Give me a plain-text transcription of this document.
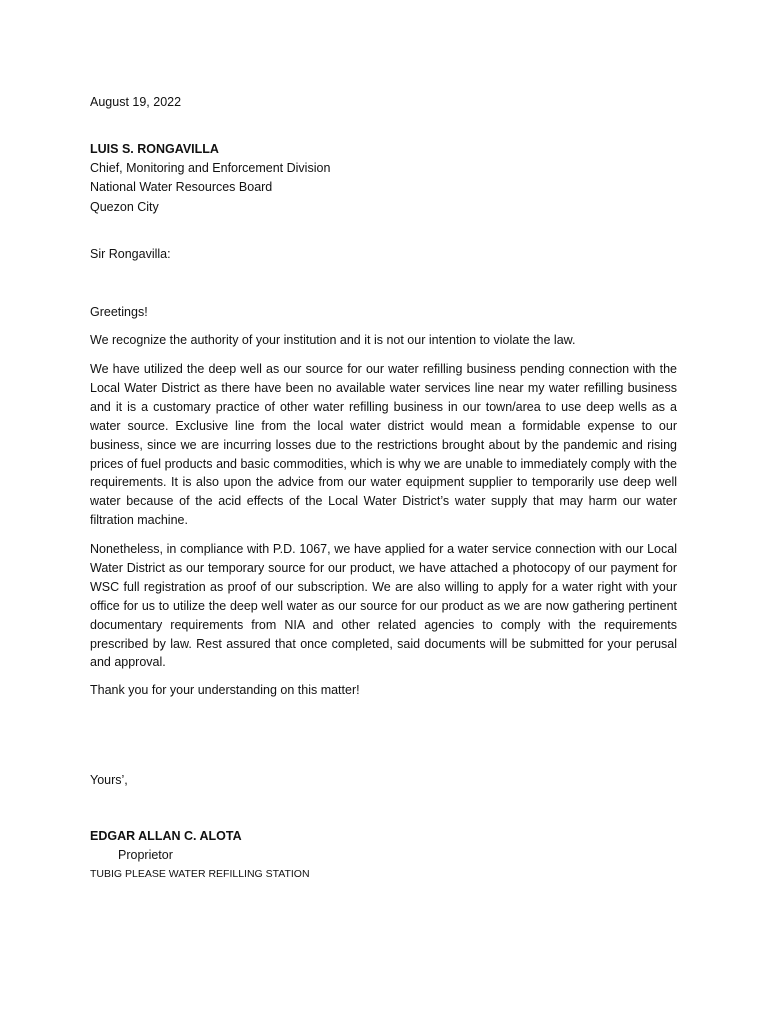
August 19, 2022
LUIS S. RONGAVILLA
Chief, Monitoring and Enforcement Division
National Water Resources Board
Quezon City
Sir Rongavilla:
Greetings!
We recognize the authority of your institution and it is not our intention to violate the law.
We have utilized the deep well as our source for our water refilling business pending connection with the Local Water District as there have been no available water services line near my water refilling business and it is a customary practice of other water refilling business in our town/area to use deep wells as a water source. Exclusive line from the local water district would mean a formidable expense to our business, since we are incurring losses due to the restrictions brought about by the pandemic and rising prices of fuel products and basic commodities, which is why we are unable to immediately comply with the requirements. It is also upon the advice from our water equipment supplier to temporarily use deep well water because of the acid effects of the Local Water District’s water supply that may harm our water filtration machine.
Nonetheless, in compliance with P.D. 1067, we have applied for a water service connection with our Local Water District as our temporary source for our product, we have attached a photocopy of our payment for WSC full registration as proof of our subscription. We are also willing to apply for a water right with your office for us to utilize the deep well water as our source for our product as we are now gathering pertinent documentary requirements from NIA and other related agencies to comply with the requirements prescribed by law. Rest assured that once completed, said documents will be submitted for your perusal and approval.
Thank you for your understanding on this matter!
Yours’,
EDGAR ALLAN C. ALOTA
Proprietor
TUBIG PLEASE WATER REFILLING STATION
